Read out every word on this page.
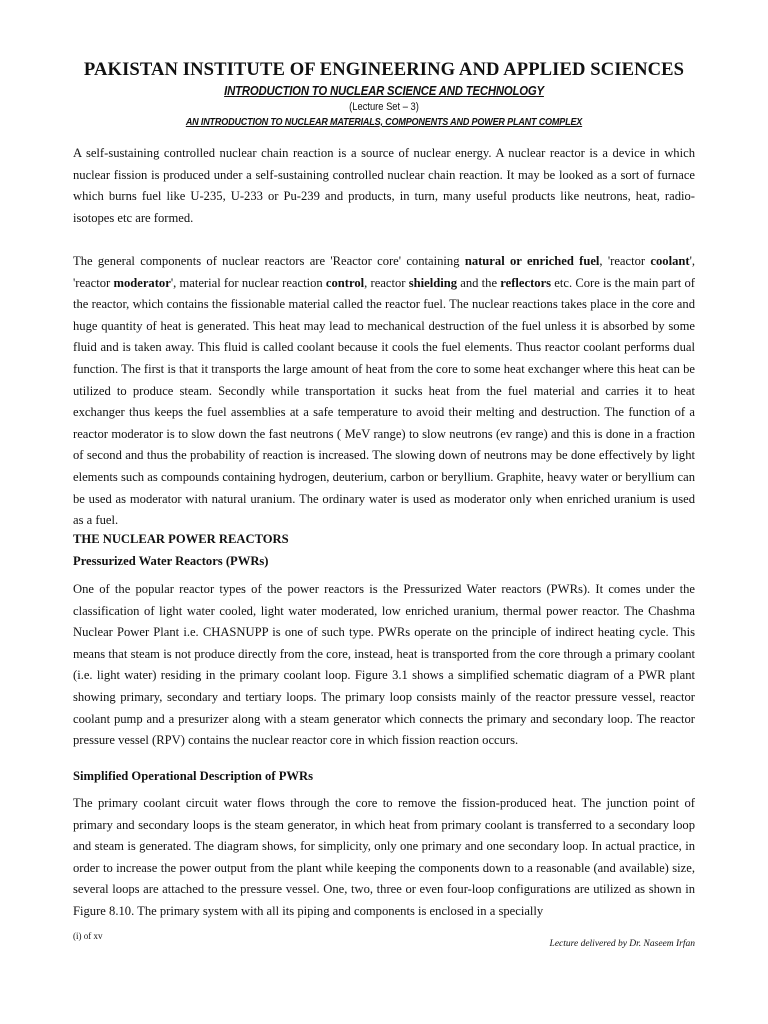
PAKISTAN INSTITUTE OF ENGINEERING AND APPLIED SCIENCES
INTRODUCTION TO NUCLEAR SCIENCE AND TECHNOLOGY
(Lecture Set – 3)
AN INTRODUCTION TO NUCLEAR MATERIALS, COMPONENTS AND POWER PLANT COMPLEX

A self-sustaining controlled nuclear chain reaction is a source of nuclear energy. A nuclear reactor is a device in which nuclear fission is produced under a self-sustaining controlled nuclear chain reaction. It may be looked as a sort of furnace which burns fuel like U-235, U-233 or Pu-239 and products, in turn, many useful products like neutrons, heat, radio-isotopes etc are formed.

The general components of nuclear reactors are 'Reactor core' containing natural or enriched fuel, 'reactor coolant', 'reactor moderator', material for nuclear reaction control, reactor shielding and the reflectors etc. Core is the main part of the reactor, which contains the fissionable material called the reactor fuel. The nuclear reactions takes place in the core and huge quantity of heat is generated. This heat may lead to mechanical destruction of the fuel unless it is absorbed by some fluid and is taken away. This fluid is called coolant because it cools the fuel elements. Thus reactor coolant performs dual function. The first is that it transports the large amount of heat from the core to some heat exchanger where this heat can be utilized to produce steam. Secondly while transportation it sucks heat from the fuel material and carries it to heat exchanger thus keeps the fuel assemblies at a safe temperature to avoid their melting and destruction. The function of a reactor moderator is to slow down the fast neutrons ( MeV range) to slow neutrons (ev range) and this is done in a fraction of second and thus the probability of reaction is increased. The slowing down of neutrons may be done effectively by light elements such as compounds containing hydrogen, deuterium, carbon or beryllium. Graphite, heavy water or beryllium can be used as moderator with natural uranium. The ordinary water is used as moderator only when enriched uranium is used as a fuel.

THE NUCLEAR POWER REACTORS
Pressurized Water Reactors (PWRs)

One of the popular reactor types of the power reactors is the Pressurized Water reactors (PWRs). It comes under the classification of light water cooled, light water moderated, low enriched uranium, thermal power reactor. The Chashma Nuclear Power Plant i.e. CHASNUPP is one of such type. PWRs operate on the principle of indirect heating cycle. This means that steam is not produce directly from the core, instead, heat is transported from the core through a primary coolant (i.e. light water) residing in the primary coolant loop. Figure 3.1 shows a simplified schematic diagram of a PWR plant showing primary, secondary and tertiary loops. The primary loop consists mainly of the reactor pressure vessel, reactor coolant pump and a presurizer along with a steam generator which connects the primary and secondary loop. The reactor pressure vessel (RPV) contains the nuclear reactor core in which fission reaction occurs.

Simplified Operational Description of PWRs

The primary coolant circuit water flows through the core to remove the fission-produced heat. The junction point of primary and secondary loops is the steam generator, in which heat from primary coolant is transferred to a secondary loop and steam is generated. The diagram shows, for simplicity, only one primary and one secondary loop. In actual practice, in order to increase the power output from the plant while keeping the components down to a reasonable (and available) size, several loops are attached to the pressure vessel. One, two, three or even four-loop configurations are utilized as shown in Figure 8.10. The primary system with all its piping and components is enclosed in a specially

(i) of xv
Lecture delivered by Dr. Naseem Irfan
